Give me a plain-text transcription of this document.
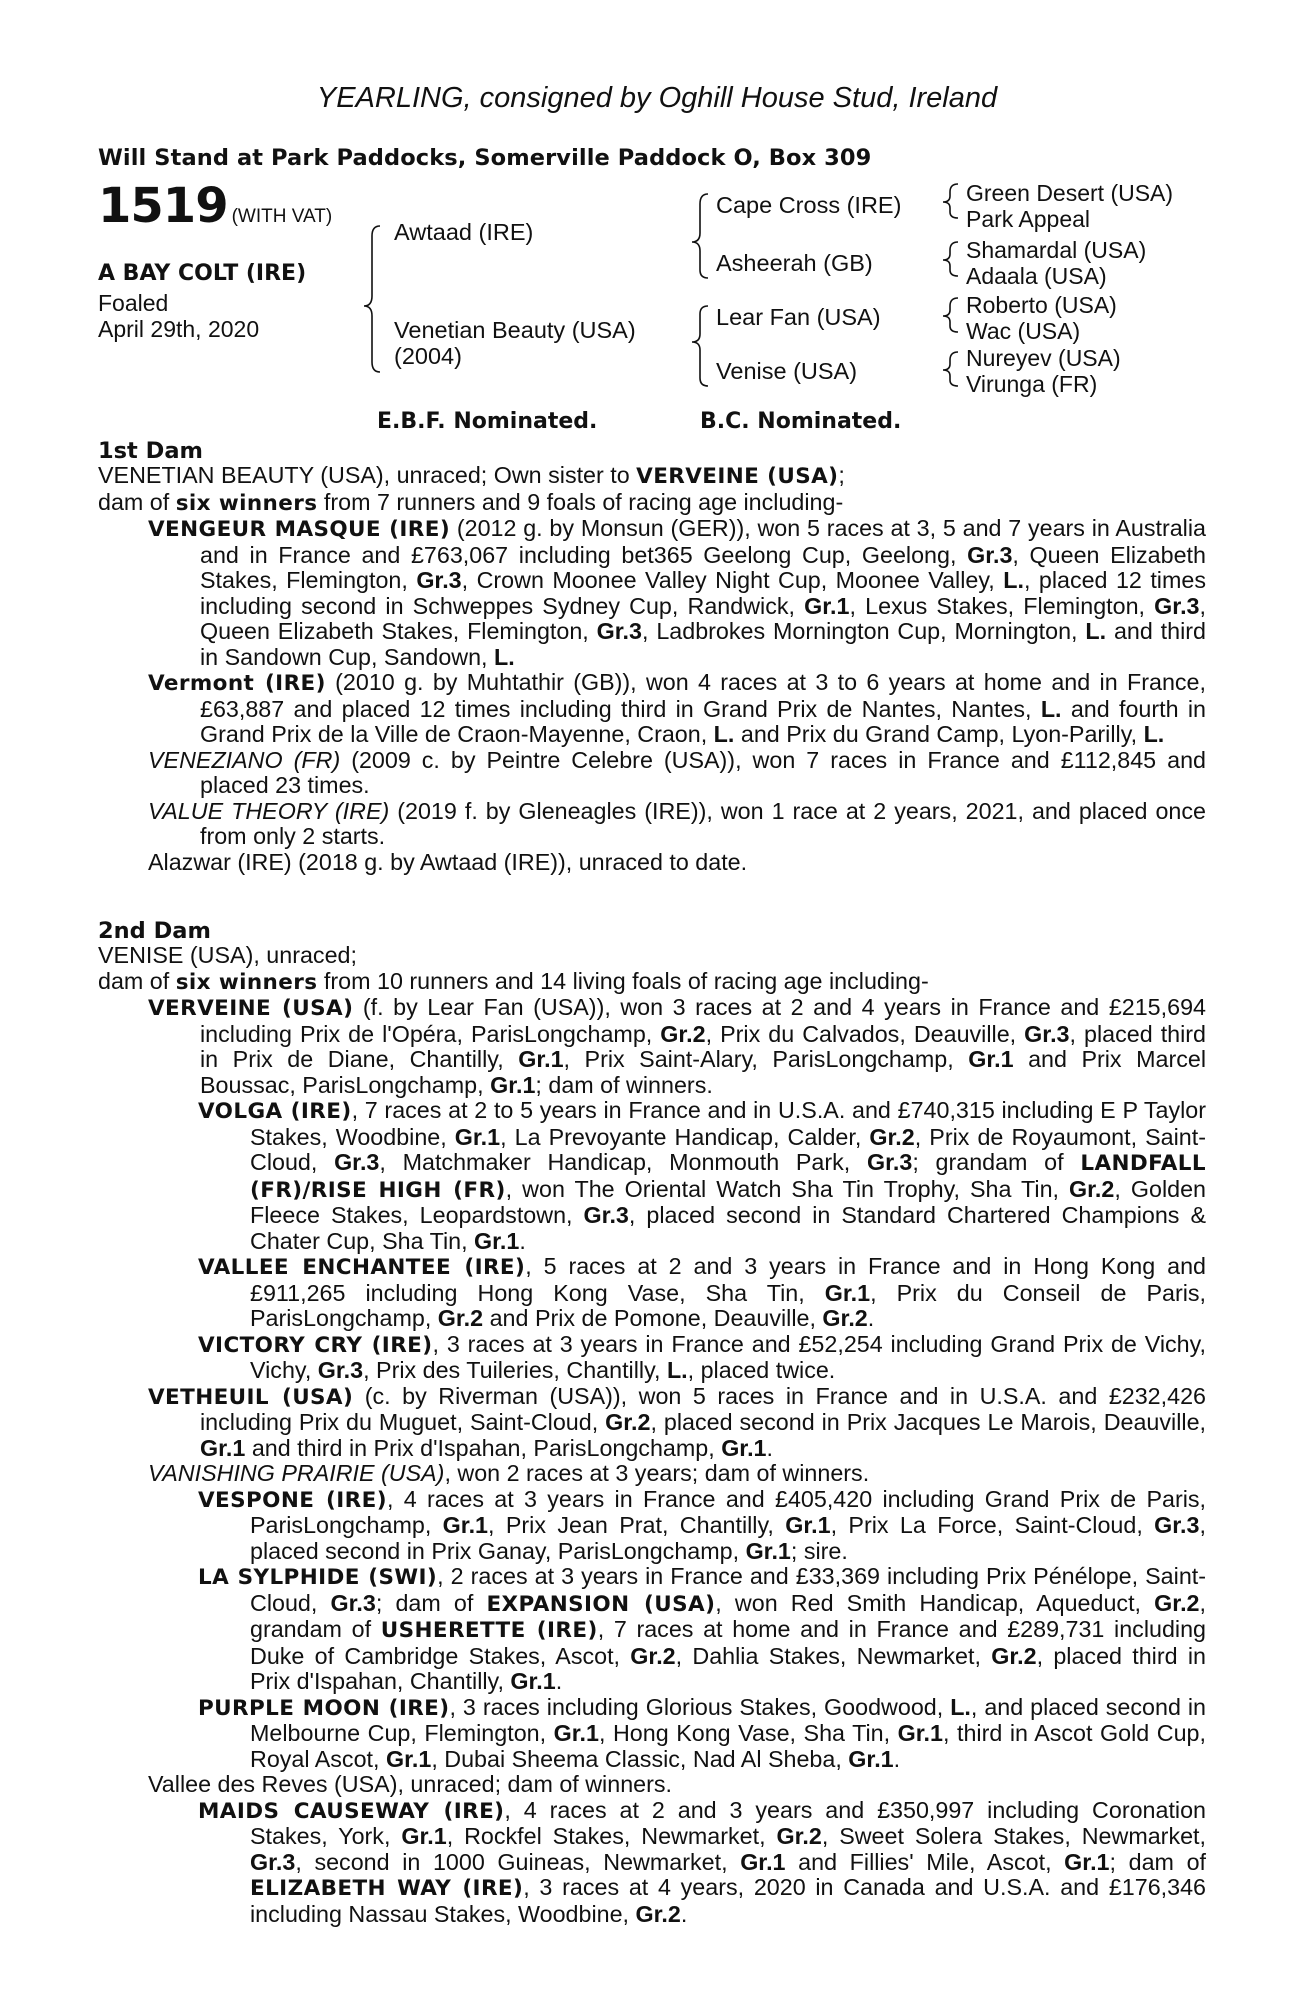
YEARLING, consigned by Oghill House Stud, Ireland
Will Stand at Park Paddocks, Somerville Paddock O, Box 309
1519 (WITH VAT)
A BAY COLT (IRE)
Foaled
April 29th, 2020
Awtaad (IRE)
Venetian Beauty (USA)
(2004)
Cape Cross (IRE)
Asheerah (GB)
Lear Fan (USA)
Venise (USA)
Green Desert (USA)
Park Appeal
Shamardal (USA)
Adaala (USA)
Roberto (USA)
Wac (USA)
Nureyev (USA)
Virunga (FR)
E.B.F. Nominated.	B.C. Nominated.
1st Dam

VENETIAN BEAUTY (USA), unraced; Own sister to VERVEINE (USA);

dam of six winners from 7 runners and 9 foals of racing age including-

VENGEUR MASQUE (IRE) (2012 g. by Monsun (GER)), won 5 races at 3, 5 and 7 years in Australia and in France and £763,067 including bet365 Geelong Cup, Geelong, Gr.3, Queen Elizabeth Stakes, Flemington, Gr.3, Crown Moonee Valley Night Cup, Moonee Valley, L., placed 12 times including second in Schweppes Sydney Cup, Randwick, Gr.1, Lexus Stakes, Flemington, Gr.3, Queen Elizabeth Stakes, Flemington, Gr.3, Ladbrokes Mornington Cup, Mornington, L. and third in Sandown Cup, Sandown, L.

Vermont (IRE) (2010 g. by Muhtathir (GB)), won 4 races at 3 to 6 years at home and in France, £63,887 and placed 12 times including third in Grand Prix de Nantes, Nantes, L. and fourth in Grand Prix de la Ville de Craon-Mayenne, Craon, L. and Prix du Grand Camp, Lyon-Parilly, L.

VENEZIANO (FR) (2009 c. by Peintre Celebre (USA)), won 7 races in France and £112,845 and placed 23 times.

VALUE THEORY (IRE) (2019 f. by Gleneagles (IRE)), won 1 race at 2 years, 2021, and placed once from only 2 starts.

Alazwar (IRE) (2018 g. by Awtaad (IRE)), unraced to date.

2nd Dam

VENISE (USA), unraced;

dam of six winners from 10 runners and 14 living foals of racing age including-

VERVEINE (USA) (f. by Lear Fan (USA)), won 3 races at 2 and 4 years in France and £215,694 including Prix de l'Opéra, ParisLongchamp, Gr.2, Prix du Calvados, Deauville, Gr.3, placed third in Prix de Diane, Chantilly, Gr.1, Prix Saint-Alary, ParisLongchamp, Gr.1 and Prix Marcel Boussac, ParisLongchamp, Gr.1; dam of winners.

VOLGA (IRE), 7 races at 2 to 5 years in France and in U.S.A. and £740,315 including E P Taylor Stakes, Woodbine, Gr.1, La Prevoyante Handicap, Calder, Gr.2, Prix de Royaumont, Saint-Cloud, Gr.3, Matchmaker Handicap, Monmouth Park, Gr.3; grandam of LANDFALL (FR)/RISE HIGH (FR), won The Oriental Watch Sha Tin Trophy, Sha Tin, Gr.2, Golden Fleece Stakes, Leopardstown, Gr.3, placed second in Standard Chartered Champions & Chater Cup, Sha Tin, Gr.1.

VALLEE ENCHANTEE (IRE), 5 races at 2 and 3 years in France and in Hong Kong and £911,265 including Hong Kong Vase, Sha Tin, Gr.1, Prix du Conseil de Paris, ParisLongchamp, Gr.2 and Prix de Pomone, Deauville, Gr.2.

VICTORY CRY (IRE), 3 races at 3 years in France and £52,254 including Grand Prix de Vichy, Vichy, Gr.3, Prix des Tuileries, Chantilly, L., placed twice.

VETHEUIL (USA) (c. by Riverman (USA)), won 5 races in France and in U.S.A. and £232,426 including Prix du Muguet, Saint-Cloud, Gr.2, placed second in Prix Jacques Le Marois, Deauville, Gr.1 and third in Prix d'Ispahan, ParisLongchamp, Gr.1.

VANISHING PRAIRIE (USA), won 2 races at 3 years; dam of winners.

VESPONE (IRE), 4 races at 3 years in France and £405,420 including Grand Prix de Paris, ParisLongchamp, Gr.1, Prix Jean Prat, Chantilly, Gr.1, Prix La Force, Saint-Cloud, Gr.3, placed second in Prix Ganay, ParisLongchamp, Gr.1; sire.

LA SYLPHIDE (SWI), 2 races at 3 years in France and £33,369 including Prix Pénélope, Saint-Cloud, Gr.3; dam of EXPANSION (USA), won Red Smith Handicap, Aqueduct, Gr.2, grandam of USHERETTE (IRE), 7 races at home and in France and £289,731 including Duke of Cambridge Stakes, Ascot, Gr.2, Dahlia Stakes, Newmarket, Gr.2, placed third in Prix d'Ispahan, Chantilly, Gr.1.

PURPLE MOON (IRE), 3 races including Glorious Stakes, Goodwood, L., and placed second in Melbourne Cup, Flemington, Gr.1, Hong Kong Vase, Sha Tin, Gr.1, third in Ascot Gold Cup, Royal Ascot, Gr.1, Dubai Sheema Classic, Nad Al Sheba, Gr.1.

Vallee des Reves (USA), unraced; dam of winners.

MAIDS CAUSEWAY (IRE), 4 races at 2 and 3 years and £350,997 including Coronation Stakes, York, Gr.1, Rockfel Stakes, Newmarket, Gr.2, Sweet Solera Stakes, Newmarket, Gr.3, second in 1000 Guineas, Newmarket, Gr.1 and Fillies' Mile, Ascot, Gr.1; dam of ELIZABETH WAY (IRE), 3 races at 4 years, 2020 in Canada and U.S.A. and £176,346 including Nassau Stakes, Woodbine, Gr.2.
